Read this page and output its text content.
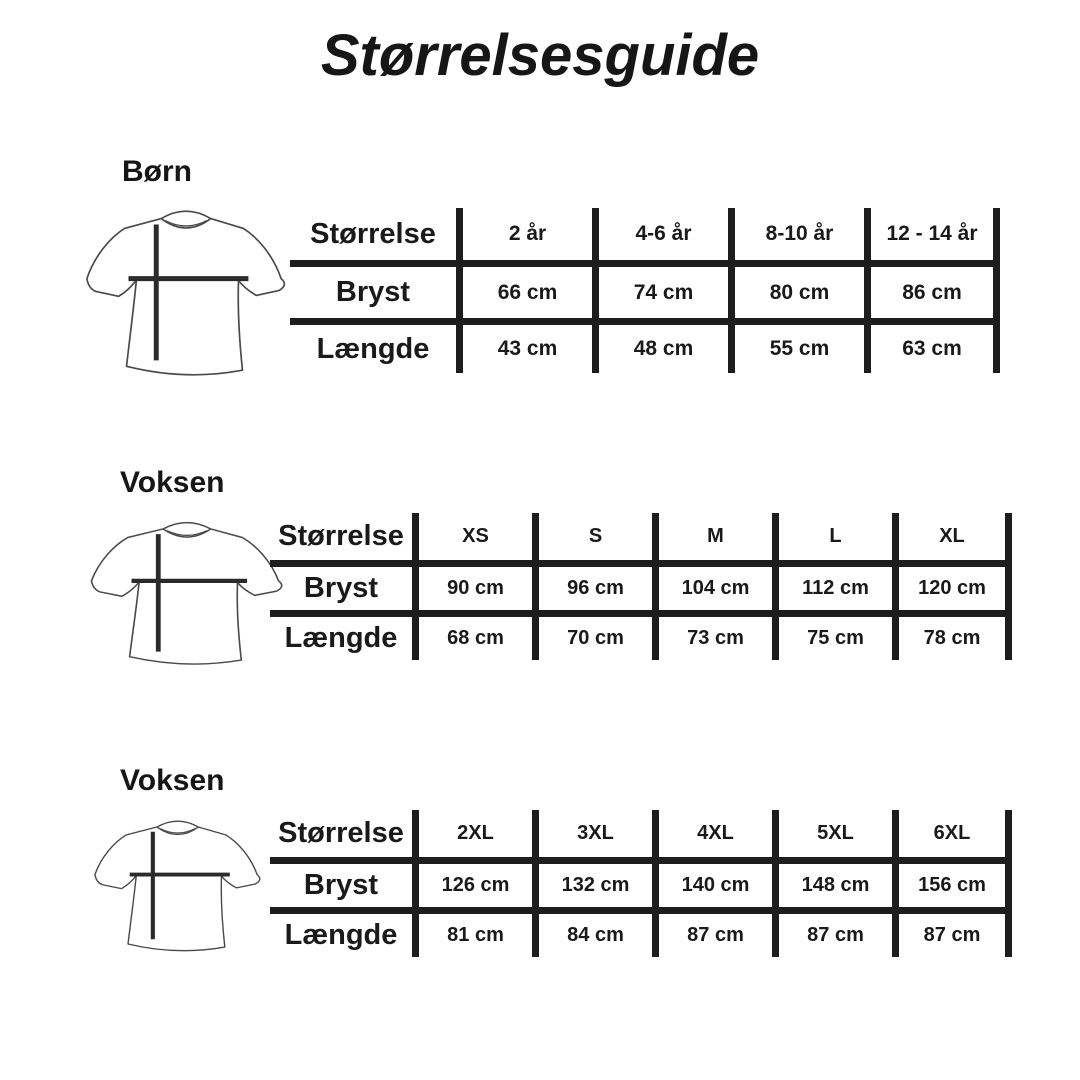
Størrelsesguide
Børn
Størrelse	2 år	4-6 år	8-10 år	12 - 14 år
Bryst	66 cm	74 cm	80 cm	86 cm
Længde	43 cm	48 cm	55 cm	63 cm
Voksen
Størrelse	XS	S	M	L	XL
Bryst	90 cm	96 cm	104 cm	112 cm	120 cm
Længde	68 cm	70 cm	73 cm	75 cm	78 cm
Voksen
Størrelse	2XL	3XL	4XL	5XL	6XL
Bryst	126 cm	132 cm	140 cm	148 cm	156 cm
Længde	81 cm	84 cm	87 cm	87 cm	87 cm
